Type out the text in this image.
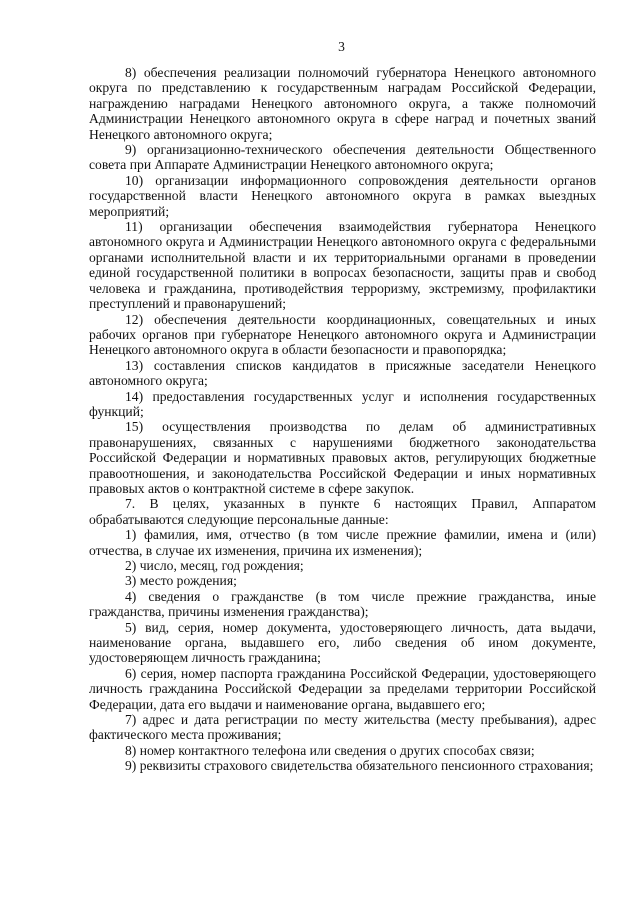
3

8) обеспечения реализации полномочий губернатора Ненецкого автономного округа по представлению к государственным наградам Российской Федерации, награждению наградами Ненецкого автономного округа, а также полномочий Администрации Ненецкого автономного округа в сфере наград и почетных званий Ненецкого автономного округа;

9) организационно-технического обеспечения деятельности Общественного совета при Аппарате Администрации Ненецкого автономного округа;

10) организации информационного сопровождения деятельности органов государственной власти Ненецкого автономного округа в рамках выездных мероприятий;

11) организации обеспечения взаимодействия губернатора Ненецкого автономного округа и Администрации Ненецкого автономного округа с федеральными органами исполнительной власти и их территориальными органами в проведении единой государственной политики в вопросах безопасности, защиты прав и свобод человека и гражданина, противодействия терроризму, экстремизму, профилактики преступлений и правонарушений;

12) обеспечения деятельности координационных, совещательных и иных рабочих органов при губернаторе Ненецкого автономного округа и Администрации Ненецкого автономного округа в области безопасности и правопорядка;

13) составления списков кандидатов в присяжные заседатели Ненецкого автономного округа;

14) предоставления государственных услуг и исполнения государственных функций;

15) осуществления производства по делам об административных правонарушениях, связанных с нарушениями бюджетного законодательства Российской Федерации и нормативных правовых актов, регулирующих бюджетные правоотношения, и законодательства Российской Федерации и иных нормативных правовых актов о контрактной системе в сфере закупок.

7. В целях, указанных в пункте 6 настоящих Правил, Аппаратом обрабатываются следующие персональные данные:

1) фамилия, имя, отчество (в том числе прежние фамилии, имена и (или) отчества, в случае их изменения, причина их изменения);

2) число, месяц, год рождения;

3) место рождения;

4) сведения о гражданстве (в том числе прежние гражданства, иные гражданства, причины изменения гражданства);

5) вид, серия, номер документа, удостоверяющего личность, дата выдачи, наименование органа, выдавшего его, либо сведения об ином документе, удостоверяющем личность гражданина;

6) серия, номер паспорта гражданина Российской Федерации, удостоверяющего личность гражданина Российской Федерации за пределами территории Российской Федерации, дата его выдачи и наименование органа, выдавшего его;

7) адрес и дата регистрации по месту жительства (месту пребывания), адрес фактического места проживания;

8) номер контактного телефона или сведения о других способах связи;

9) реквизиты страхового свидетельства обязательного пенсионного страхования;
